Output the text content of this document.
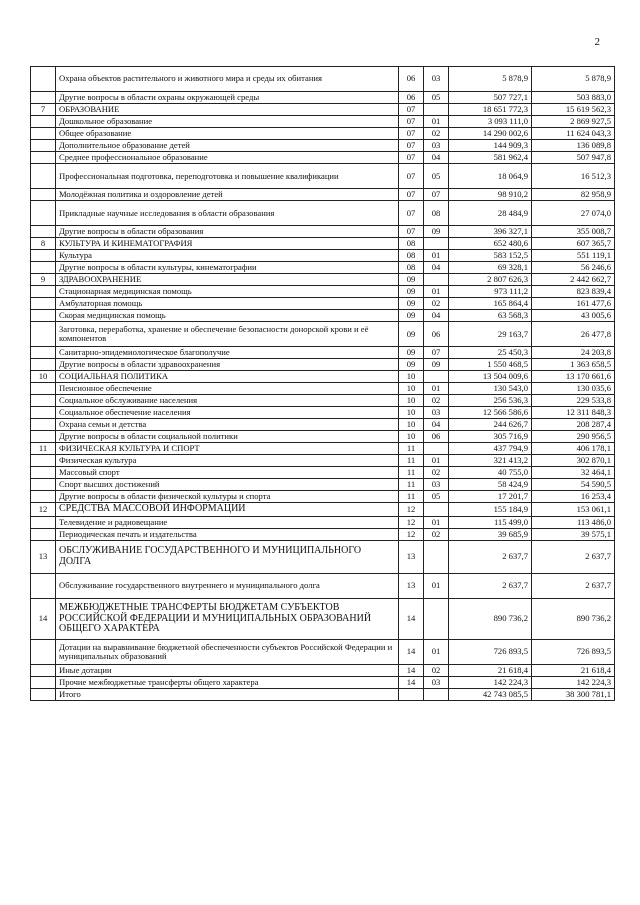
2
	Охрана объектов растительного и животного мира и среды их обитания	06	03	5 878,9	5 878,9
	Другие вопросы в области охраны окружающей среды	06	05	507 727,1	503 883,0
7	ОБРАЗОВАНИЕ	07		18 651 772,3	15 619 562,3
	Дошкольное образование	07	01	3 093 111,0	2 869 927,5
	Общее образование	07	02	14 290 002,6	11 624 043,3
	Дополнительное образование детей	07	03	144 909,3	136 089,8
	Среднее профессиональное образование	07	04	581 962,4	507 947,8
	Профессиональная подготовка, переподготовка и повышение квалификации	07	05	18 064,9	16 512,3
	Молодёжная политика и оздоровление детей	07	07	98 910,2	82 958,9
	Прикладные научные исследования в области образования	07	08	28 484,9	27 074,0
	Другие вопросы в области образования	07	09	396 327,1	355 008,7
8	КУЛЬТУРА И КИНЕМАТОГРАФИЯ	08		652 480,6	607 365,7
	Культура	08	01	583 152,5	551 119,1
	Другие вопросы в области культуры, кинематографии	08	04	69 328,1	56 246,6
9	ЗДРАВООХРАНЕНИЕ	09		2 807 626,3	2 442 662,7
	Стационарная медицинская помощь	09	01	973 111,2	823 839,4
	Амбулаторная помощь	09	02	165 864,4	161 477,6
	Скорая медицинская помощь	09	04	63 568,3	43 005,6
	Заготовка, переработка, хранение и обеспечение безопасности донорской крови и её компонентов	09	06	29 163,7	26 477,8
	Санитарно-эпидемиологическое благополучие	09	07	25 450,3	24 203,8
	Другие вопросы в области здравоохранения	09	09	1 550 468,5	1 363 658,5
10	СОЦИАЛЬНАЯ ПОЛИТИКА	10		13 504 009,6	13 170 661,6
	Пенсионное обеспечение	10	01	130 543,0	130 035,6
	Социальное обслуживание населения	10	02	256 536,3	229 533,8
	Социальное обеспечение населения	10	03	12 566 586,6	12 311 848,3
	Охрана семьи и детства	10	04	244 626,7	208 287,4
	Другие вопросы в области социальной политики	10	06	305 716,9	290 956,5
11	ФИЗИЧЕСКАЯ КУЛЬТУРА И СПОРТ	11		437 794,9	406 178,1
	Физическая культура	11	01	321 413,2	302 870,1
	Массовый спорт	11	02	40 755,0	32 464,1
	Спорт высших достижений	11	03	58 424,9	54 590,5
	Другие вопросы в области физической культуры и спорта	11	05	17 201,7	16 253,4
12	СРЕДСТВА МАССОВОЙ ИНФОРМАЦИИ	12		155 184,9	153 061,1
	Телевидение и радиовещание	12	01	115 499,0	113 486,0
	Периодическая печать и издательства	12	02	39 685,9	39 575,1
13	ОБСЛУЖИВАНИЕ ГОСУДАРСТВЕННОГО И МУНИЦИПАЛЬНОГО ДОЛГА	13		2 637,7	2 637,7
	Обслуживание государственного внутреннего и муниципального долга	13	01	2 637,7	2 637,7
14	МЕЖБЮДЖЕТНЫЕ ТРАНСФЕРТЫ БЮДЖЕТАМ СУБЪЕКТОВ РОССИЙСКОЙ ФЕДЕРАЦИИ И МУНИЦИПАЛЬНЫХ ОБРАЗОВАНИЙ ОБЩЕГО ХАРАКТЕРА	14		890 736,2	890 736,2
	Дотации на выравнивание бюджетной обеспеченности субъектов Российской Федерации и муниципальных образований	14	01	726 893,5	726 893,5
	Иные дотации	14	02	21 618,4	21 618,4
	Прочие межбюджетные трансферты общего характера	14	03	142 224,3	142 224,3
	Итого			42 743 085,5	38 300 781,1
